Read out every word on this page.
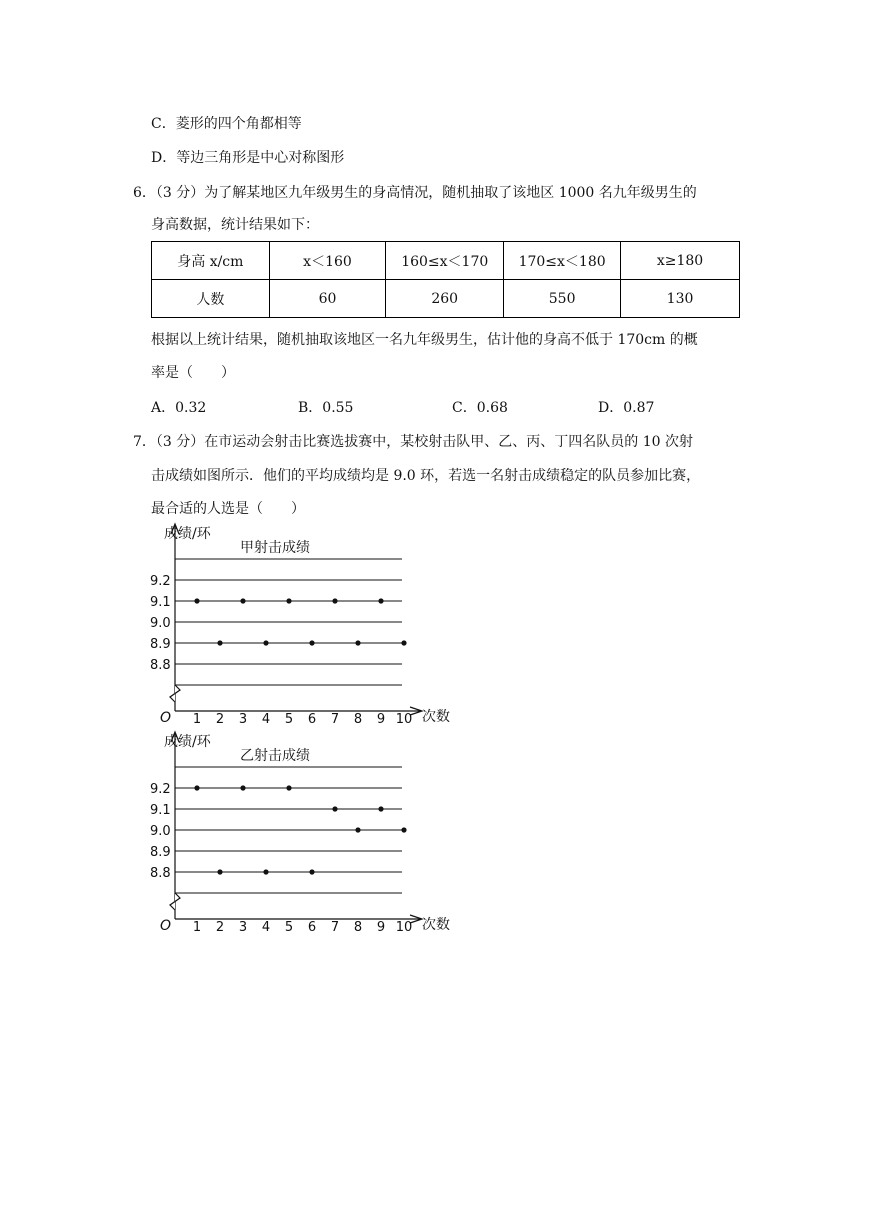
C．菱形的四个角都相等
D．等边三角形是中心对称图形
6．（3 分）为了解某地区九年级男生的身高情况，随机抽取了该地区 1000 名九年级男生的
身高数据，统计结果如下：
身高 x/cm	x＜160	160≤x＜170	170≤x＜180	x≥180
人数	60	260	550	130
根据以上统计结果，随机抽取该地区一名九年级男生，估计他的身高不低于 170cm 的概
率是（　　）
A．0.32	B．0.55	C．0.68	D．0.87
7．（3 分）在市运动会射击比赛选拔赛中，某校射击队甲、乙、丙、丁四名队员的 10 次射
击成绩如图所示．他们的平均成绩均是 9.0 环，若选一名射击成绩稳定的队员参加比赛，
最合适的人选是（　　）
成绩/环
甲射击成绩
次数
O
9.2
9.1
9.0
8.9
8.8
1 2 3 4 5 6 7 8 9 10
成绩/环
乙射击成绩
次数
O
9.2
9.1
9.0
8.9
8.8
1 2 3 4 5 6 7 8 9 10
